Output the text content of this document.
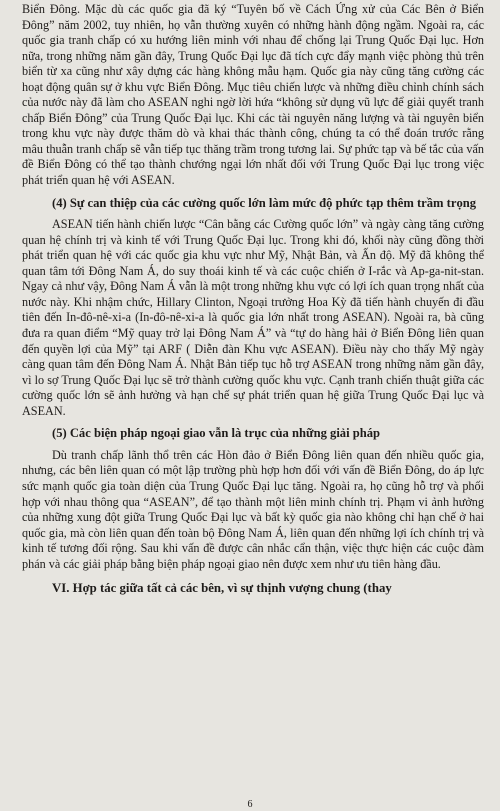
Biển Đông. Mặc dù các quốc gia đã ký “Tuyên bố về Cách Ứng xử của Các Bên ở Biển Đông” năm 2002, tuy nhiên, họ vẫn thường xuyên có những hành động ngầm. Ngoài ra, các quốc gia tranh chấp có xu hướng liên minh với nhau để chống lại Trung Quốc Đại lục. Hơn nữa, trong những năm gần đây, Trung Quốc Đại lục đã tích cực đẩy mạnh việc phòng thủ trên biển từ xa cũng như xây dựng các hàng không mẫu hạm. Quốc gia này cũng tăng cường các hoạt động quân sự ở khu vực Biển Đông. Mục tiêu chiến lược và những điều chỉnh chính sách của nước này đã làm cho ASEAN nghi ngờ lời hứa “không sử dụng vũ lực để giải quyết tranh chấp Biển Đông” của Trung Quốc Đại lục. Khi các tài nguyên năng lượng và tài nguyên biển trong khu vực này được thăm dò và khai thác thành công, chúng ta có thể đoán trước rằng mâu thuẫn tranh chấp sẽ vẫn tiếp tục thăng trầm trong tương lai. Sự phức tạp và bế tắc của vấn đề Biển Đông có thể tạo thành chướng ngại lớn nhất đối với Trung Quốc Đại lục trong việc phát triển quan hệ với ASEAN.

(4) Sự can thiệp của các cường quốc lớn làm mức độ phức tạp thêm trầm trọng

ASEAN tiến hành chiến lược “Cân bằng các Cường quốc lớn” và ngày càng tăng cường quan hệ chính trị và kinh tế với Trung Quốc Đại lục. Trong khi đó, khối này cũng đồng thời phát triển quan hệ với các quốc gia khu vực như Mỹ, Nhật Bản, và Ấn độ. Mỹ đã không thể quan tâm tới Đông Nam Á, do suy thoái kinh tế và các cuộc chiến ở I-rắc và Ap-ga-nit-stan. Ngay cả như vậy, Đông Nam Á vẫn là một trong những khu vực có lợi ích quan trọng nhất của nước này. Khi nhậm chức, Hillary Clinton, Ngoại trưởng Hoa Kỳ đã tiến hành chuyến đi đầu tiên đến In-đô-nê-xi-a (In-đô-nê-xi-a là quốc gia lớn nhất trong ASEAN). Ngoài ra, bà cũng đưa ra quan điểm “Mỹ quay trở lại Đông Nam Á” và “tự do hàng hải ở Biển Đông liên quan đến quyền lợi của Mỹ” tại ARF ( Diễn đàn Khu vực ASEAN). Điều này cho thấy Mỹ ngày càng quan tâm đến Đông Nam Á. Nhật Bản tiếp tục hỗ trợ ASEAN trong những năm gần đây, vì lo sợ Trung Quốc Đại lục sẽ trở thành cường quốc khu vực. Cạnh tranh chiến thuật giữa các cường quốc lớn sẽ ảnh hưởng và hạn chế sự phát triển quan hệ giữa Trung Quốc Đại lục và ASEAN.

(5) Các biện pháp ngoại giao vẫn là trục của những giải pháp

Dù tranh chấp lãnh thổ trên các Hòn đảo ở Biển Đông liên quan đến nhiều quốc gia, nhưng, các bên liên quan có một lập trường phù hợp hơn đối với vấn đề Biển Đông, do áp lực sức mạnh quốc gia toàn diện của Trung Quốc Đại lục tăng. Ngoài ra, họ cũng hỗ trợ và phối hợp với nhau thông qua “ASEAN”, để tạo thành một liên minh chính trị. Phạm vi ảnh hưởng của những xung đột giữa Trung Quốc Đại lục và bất kỳ quốc gia nào không chỉ hạn chế ở hai quốc gia, mà còn liên quan đến toàn bộ Đông Nam Á, liên quan đến những lợi ích chính trị và kinh tế tương đối rộng. Sau khi vấn đề được cân nhắc cẩn thận, việc thực hiện các cuộc đàm phán và các giải pháp bằng biện pháp ngoại giao nên được xem như ưu tiên hàng đầu.

VI. Hợp tác giữa tất cả các bên, vì sự thịnh vượng chung (thay
6
